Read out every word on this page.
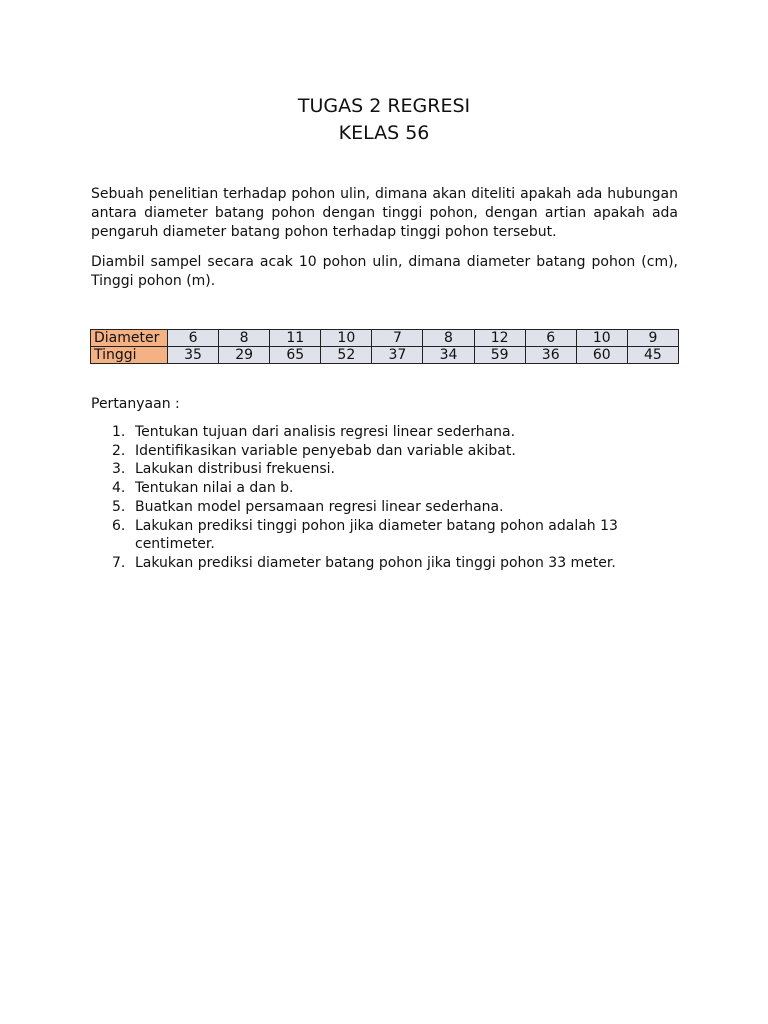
TUGAS 2 REGRESI
KELAS 56

Sebuah penelitian terhadap pohon ulin, dimana akan diteliti apakah ada hubungan antara diameter batang pohon dengan tinggi pohon, dengan artian apakah ada pengaruh diameter batang pohon terhadap tinggi pohon tersebut.

Diambil sampel secara acak 10 pohon ulin, dimana diameter batang pohon (cm), Tinggi pohon (m).

Diameter	6	8	11	10	7	8	12	6	10	9
Tinggi	35	29	65	52	37	34	59	36	60	45
Pertanyaan :
1. Tentukan tujuan dari analisis regresi linear sederhana.
2. Identifikasikan variable penyebab dan variable akibat.
3. Lakukan distribusi frekuensi.
4. Tentukan nilai a dan b.
5. Buatkan model persamaan regresi linear sederhana.
6. Lakukan prediksi tinggi pohon jika diameter batang pohon adalah 13 centimeter.
7. Lakukan prediksi diameter batang pohon jika tinggi pohon 33 meter.
